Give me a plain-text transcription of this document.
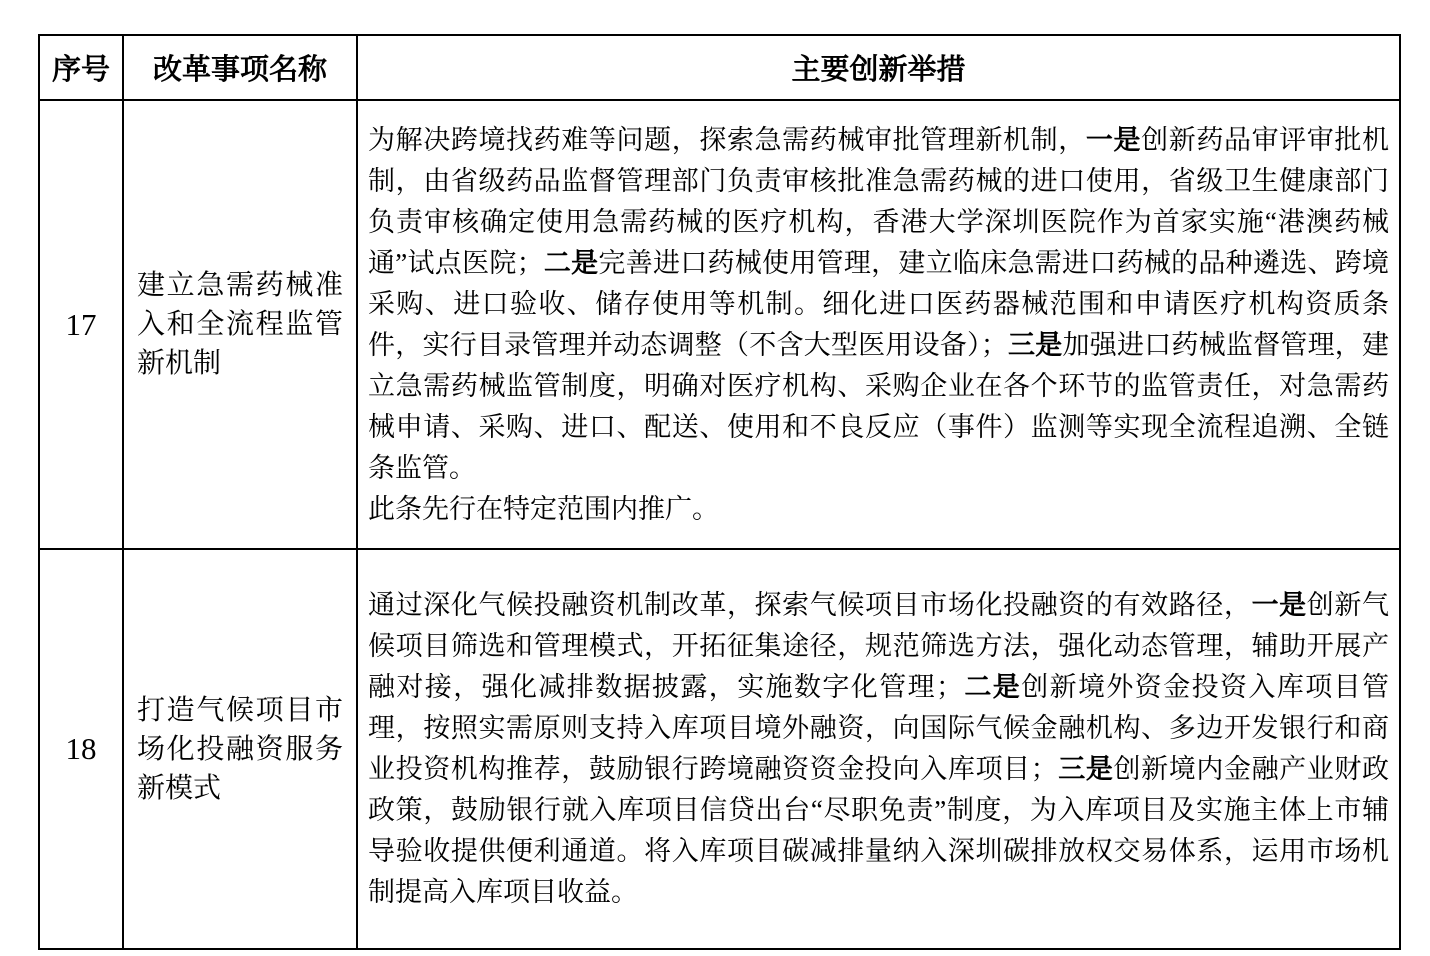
序号	改革事项名称	主要创新举措
17	建立急需药械准入和全流程监管新机制	为解决跨境找药难等问题，探索急需药械审批管理新机制，一是创新药品审评审批机制，由省级药品监督管理部门负责审核批准急需药械的进口使用，省级卫生健康部门负责审核确定使用急需药械的医疗机构，香港大学深圳医院作为首家实施“港澳药械通”试点医院；二是完善进口药械使用管理，建立临床急需进口药械的品种遴选、跨境采购、进口验收、储存使用等机制。细化进口医药器械范围和申请医疗机构资质条件，实行目录管理并动态调整（不含大型医用设备）；三是加强进口药械监督管理，建立急需药械监管制度，明确对医疗机构、采购企业在各个环节的监管责任，对急需药械申请、采购、进口、配送、使用和不良反应（事件）监测等实现全流程追溯、全链条监管。
此条先行在特定范围内推广。

18	打造气候项目市场化投融资服务新模式	通过深化气候投融资机制改革，探索气候项目市场化投融资的有效路径，一是创新气候项目筛选和管理模式，开拓征集途径，规范筛选方法，强化动态管理，辅助开展产融对接，强化减排数据披露，实施数字化管理；二是创新境外资金投资入库项目管理，按照实需原则支持入库项目境外融资，向国际气候金融机构、多边开发银行和商业投资机构推荐，鼓励银行跨境融资资金投向入库项目；三是创新境内金融产业财政政策，鼓励银行就入库项目信贷出台“尽职免责”制度，为入库项目及实施主体上市辅导验收提供便利通道。将入库项目碳减排量纳入深圳碳排放权交易体系，运用市场机制提高入库项目收益。
